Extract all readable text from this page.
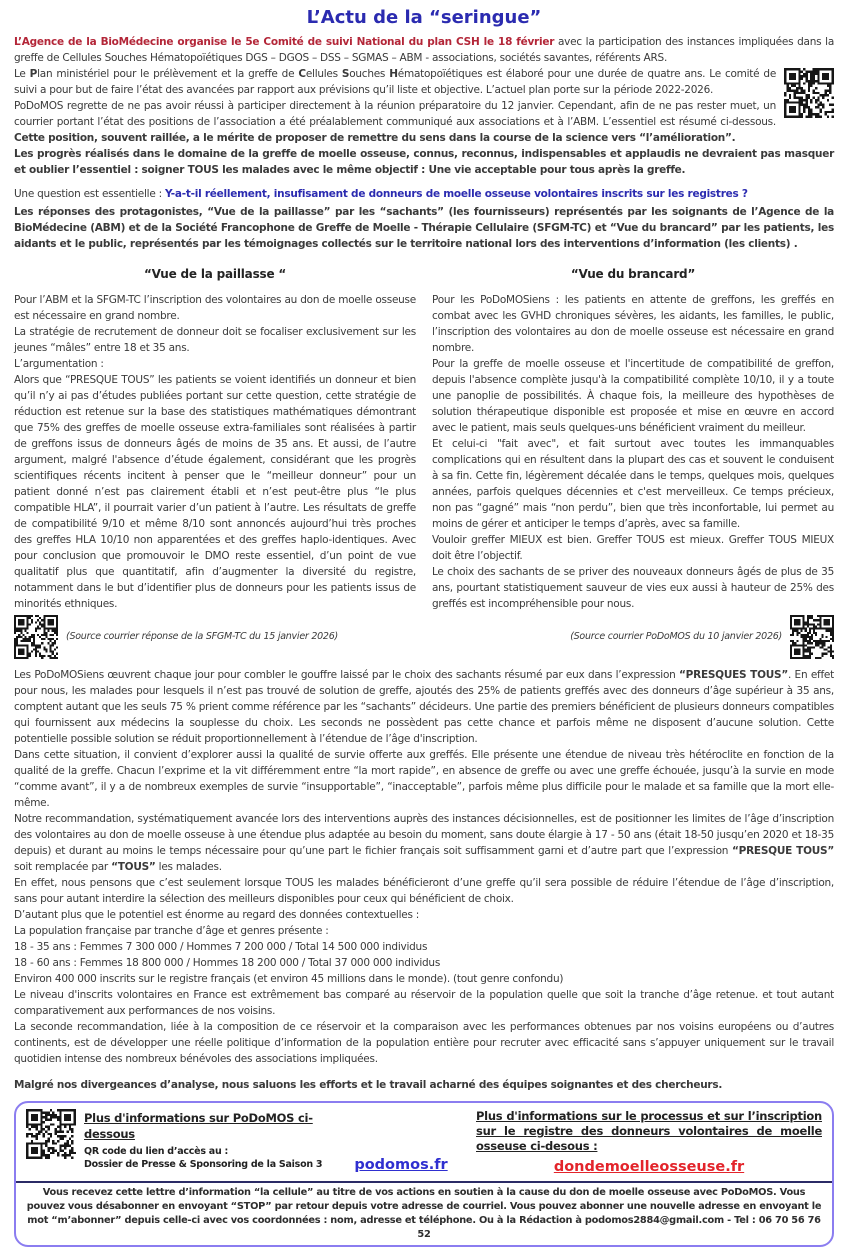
L’Actu de la “seringue”

L’Agence de la BioMédecine organise le 5e Comité de suivi National du plan CSH le 18 février avec la participation des instances impliquées dans la greffe de Cellules Souches Hématopoïétiques DGS – DGOS – DSS – SGMAS – ABM - associations, sociétés savantes, référents ARS.

Le Plan ministériel pour le prélèvement et la greffe de Cellules Souches Hématopoïétiques est élaboré pour une durée de quatre ans. Le comité de suivi a pour but de faire l’état des avancées par rapport aux prévisions qu’il liste et objective. L’actuel plan porte sur la période 2022-2026.

PoDoMOS regrette de ne pas avoir réussi à participer directement à la réunion préparatoire du 12 janvier. Cependant, afin de ne pas rester muet, un courrier portant l’état des positions de l’association a été préalablement communiqué aux associations et à l’ABM. L’essentiel est résumé ci-dessous. Cette position, souvent raillée, a le mérite de proposer de remettre du sens dans la course de la science vers “l’amélioration”.

Les progrès réalisés dans le domaine de la greffe de moelle osseuse, connus, reconnus, indispensables et applaudis ne devraient pas masquer et oublier l’essentiel : soigner TOUS les malades avec le même objectif : Une vie acceptable pour tous après la greffe.

Une question est essentielle : Y-a-t-il réellement, insufisament de donneurs de moelle osseuse volontaires inscrits sur les registres ?

Les réponses des protagonistes, “Vue de la paillasse” par les “sachants” (les fournisseurs) représentés par les soignants de l’Agence de la BioMédecine (ABM) et de la Société Francophone de Greffe de Moelle - Thérapie Cellulaire (SFGM-TC) et “Vue du brancard” par les patients, les aidants et le public, représentés par les témoignages collectés sur le territoire national lors des interventions d’information (les clients) .

“Vue de la paillasse “

Pour l’ABM et la SFGM-TC l’inscription des volontaires au don de moelle osseuse est nécessaire en grand nombre.

La stratégie de recrutement de donneur doit se focaliser exclusivement sur les jeunes “mâles” entre 18 et 35 ans.

L’argumentation :

Alors que “PRESQUE TOUS” les patients se voient identifiés un donneur et bien qu’il n’y ai pas d’études publiées portant sur cette question, cette stratégie de réduction est retenue sur la base des statistiques mathématiques démontrant que 75% des greffes de moelle osseuse extra-familiales sont réalisées à partir de greffons issus de donneurs âgés de moins de 35 ans. Et aussi, de l’autre argument, malgré l'absence d’étude également, considérant que les progrès scientifiques récents incitent à penser que le “meilleur donneur” pour un patient donné n’est pas clairement établi et n’est peut-être plus “le plus compatible HLA”, il pourrait varier d’un patient à l’autre. Les résultats de greffe de compatibilité 9/10 et même 8/10 sont annoncés aujourd’hui très proches des greffes HLA 10/10 non apparentées et des greffes haplo-identiques. Avec pour conclusion que promouvoir le DMO reste essentiel, d’un point de vue qualitatif plus que quantitatif, afin d’augmenter la diversité du registre, notamment dans le but d’identifier plus de donneurs pour les patients issus de minorités ethniques.

(Source courrier réponse de la SFGM-TC du 15 janvier 2026)
“Vue du brancard”

Pour les PoDoMOSiens : les patients en attente de greffons, les greffés en combat avec les GVHD chroniques sévères, les aidants, les familles, le public, l’inscription des volontaires au don de moelle osseuse est nécessaire en grand nombre.

Pour la greffe de moelle osseuse et l'incertitude de compatibilité de greffon, depuis l'absence complète jusqu'à la compatibilité complète 10/10, il y a toute une panoplie de possibilités. À chaque fois, la meilleure des hypothèses de solution thérapeutique disponible est proposée et mise en œuvre en accord avec le patient, mais seuls quelques-uns bénéficient vraiment du meilleur.

Et celui-ci "fait avec", et fait surtout avec toutes les immanquables complications qui en résultent dans la plupart des cas et souvent le conduisent à sa fin. Cette fin, légèrement décalée dans le temps, quelques mois, quelques années, parfois quelques décennies et c'est merveilleux. Ce temps précieux, non pas “gagné” mais “non perdu”, bien que très inconfortable, lui permet au moins de gérer et anticiper le temps d’après, avec sa famille.

Vouloir greffer MIEUX est bien. Greffer TOUS est mieux. Greffer TOUS MIEUX doit être l’objectif.

Le choix des sachants de se priver des nouveaux donneurs âgés de plus de 35 ans, pourtant statistiquement sauveur de vies eux aussi à hauteur de 25% des greffés est incompréhensible pour nous.

(Source courrier PoDoMOS du 10 janvier 2026)

Les PoDoMOSiens œuvrent chaque jour pour combler le gouffre laissé par le choix des sachants résumé par eux dans l’expression “PRESQUES TOUS”. En effet pour nous, les malades pour lesquels il n’est pas trouvé de solution de greffe, ajoutés des 25% de patients greffés avec des donneurs d’âge supérieur à 35 ans, comptent autant que les seuls 75 % prient comme référence par les “sachants” décideurs. Une partie des premiers bénéficient de plusieurs donneurs compatibles qui fournissent aux médecins la souplesse du choix. Les seconds ne possèdent pas cette chance et parfois même ne disposent d’aucune solution. Cette potentielle possible solution se réduit proportionnellement à l’étendue de l’âge d'inscription.

Dans cette situation, il convient d’explorer aussi la qualité de survie offerte aux greffés. Elle présente une étendue de niveau très hétéroclite en fonction de la qualité de la greffe. Chacun l’exprime et la vit différemment entre “la mort rapide”, en absence de greffe ou avec une greffe échouée, jusqu’à la survie en mode “comme avant”, il y a de nombreux exemples de survie “insupportable”, “inacceptable”, parfois même plus difficile pour le malade et sa famille que la mort elle-même.

Notre recommandation, systématiquement avancée lors des interventions auprès des instances décisionnelles, est de positionner les limites de l’âge d’inscription des volontaires au don de moelle osseuse à une étendue plus adaptée au besoin du moment, sans doute élargie à 17 - 50 ans (était 18-50 jusqu’en 2020 et 18-35 depuis) et durant au moins le temps nécessaire pour qu’une part le fichier français soit suffisamment garni et d’autre part que l’expression “PRESQUE TOUS” soit remplacée par “TOUS” les malades.

En effet, nous pensons que c’est seulement lorsque TOUS les malades bénéficieront d’une greffe qu’il sera possible de réduire l’étendue de l’âge d’inscription, sans pour autant interdire la sélection des meilleurs disponibles pour ceux qui bénéficient de choix.

D’autant plus que le potentiel est énorme au regard des données contextuelles :

La population française par tranche d’âge et genres présente :

18 - 35 ans : Femmes 7 300 000 / Hommes 7 200 000 / Total 14 500 000 individus

18 - 60 ans : Femmes 18 800 000 / Hommes 18 200 000 / Total 37 000 000 individus

Environ 400 000 inscrits sur le registre français (et environ 45 millions dans le monde). (tout genre confondu)

Le niveau d'inscrits volontaires en France est extrêmement bas comparé au réservoir de la population quelle que soit la tranche d’âge retenue. et tout autant comparativement aux performances de nos voisins.

La seconde recommandation, liée à la composition de ce réservoir et la comparaison avec les performances obtenues par nos voisins européens ou d’autres continents, est de développer une réelle politique d’information de la population entière pour recruter avec efficacité sans s’appuyer uniquement sur le travail quotidien intense des nombreux bénévoles des associations impliquées.

Malgré nos divergeances d’analyse, nous saluons les efforts et le travail acharné des équipes soignantes et des chercheurs.

Plus d'informations sur PoDoMOS ci-dessous
QR code du lien d’accès au :
Dossier de Presse & Sponsoring de la Saison 3	podomos.fr
Plus d'informations sur le processus et sur l’inscription sur le registre des donneurs volontaires de moelle osseuse ci-desous :
dondemoelleosseuse.fr

Vous recevez cette lettre d’information “la cellule” au titre de vos actions en soutien à la cause du don de moelle osseuse avec PoDoMOS. Vous pouvez vous désabonner en envoyant “STOP” par retour depuis votre adresse de courriel. Vous pouvez abonner une nouvelle adresse en envoyant le mot “m’abonner” depuis celle-ci avec vos coordonnées : nom, adresse et téléphone. Ou à la Rédaction à podomos2884@gmail.com - Tel : 06 70 56 76 52
